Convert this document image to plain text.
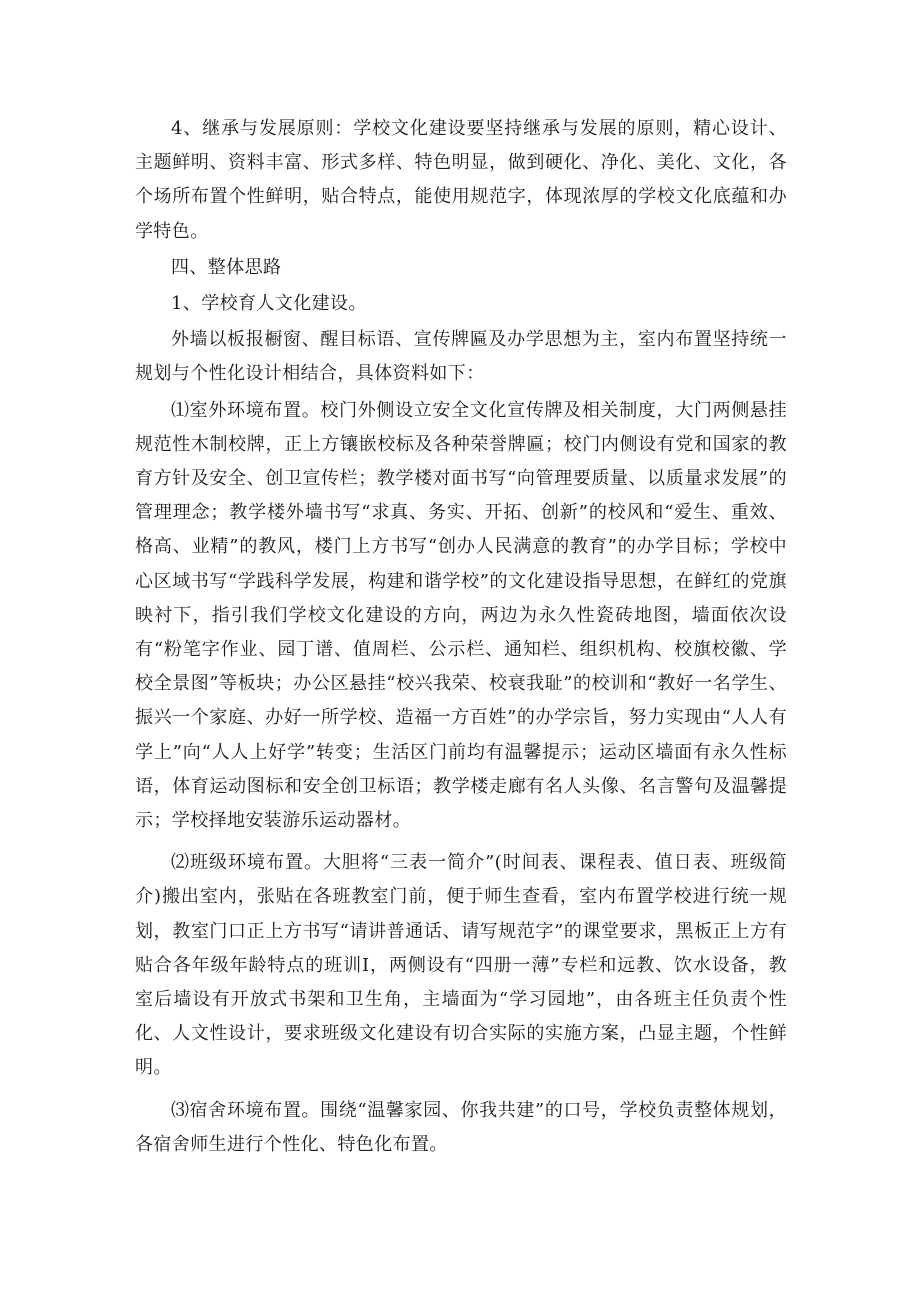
4、继承与发展原则：学校文化建设要坚持继承与发展的原则，精心设计、主题鲜明、资料丰富、形式多样、特色明显，做到硬化、净化、美化、文化，各个场所布置个性鲜明，贴合特点，能使用规范字，体现浓厚的学校文化底蕴和办学特色。

四、整体思路

1、学校育人文化建设。

外墙以板报橱窗、醒目标语、宣传牌匾及办学思想为主，室内布置坚持统一规划与个性化设计相结合，具体资料如下：

⑴室外环境布置。校门外侧设立安全文化宣传牌及相关制度，大门两侧悬挂规范性木制校牌，正上方镶嵌校标及各种荣誉牌匾；校门内侧设有党和国家的教育方针及安全、创卫宣传栏；教学楼对面书写“向管理要质量、以质量求发展”的管理理念；教学楼外墙书写“求真、务实、开拓、创新”的校风和“爱生、重效、格高、业精”的教风，楼门上方书写“创办人民满意的教育”的办学目标；学校中心区域书写“学践科学发展，构建和谐学校”的文化建设指导思想，在鲜红的党旗映衬下，指引我们学校文化建设的方向，两边为永久性瓷砖地图，墙面依次设有“粉笔字作业、园丁谱、值周栏、公示栏、通知栏、组织机构、校旗校徽、学校全景图”等板块；办公区悬挂“校兴我荣、校衰我耻”的校训和“教好一名学生、振兴一个家庭、办好一所学校、造福一方百姓”的办学宗旨，努力实现由“人人有学上”向“人人上好学”转变；生活区门前均有温馨提示；运动区墙面有永久性标语，体育运动图标和安全创卫标语；教学楼走廊有名人头像、名言警句及温馨提示；学校择地安装游乐运动器材。

⑵班级环境布置。大胆将“三表一简介”(时间表、课程表、值日表、班级简介)搬出室内，张贴在各班教室门前，便于师生查看，室内布置学校进行统一规划，教室门口正上方书写“请讲普通话、请写规范字”的课堂要求，黑板正上方有贴合各年级年龄特点的班训I，两侧设有“四册一薄”专栏和远教、饮水设备，教室后墙设有开放式书架和卫生角，主墙面为“学习园地”，由各班主任负责个性化、人文性设计，要求班级文化建设有切合实际的实施方案，凸显主题，个性鲜明。

⑶宿舍环境布置。围绕“温馨家园、你我共建”的口号，学校负责整体规划，各宿舍师生进行个性化、特色化布置。
